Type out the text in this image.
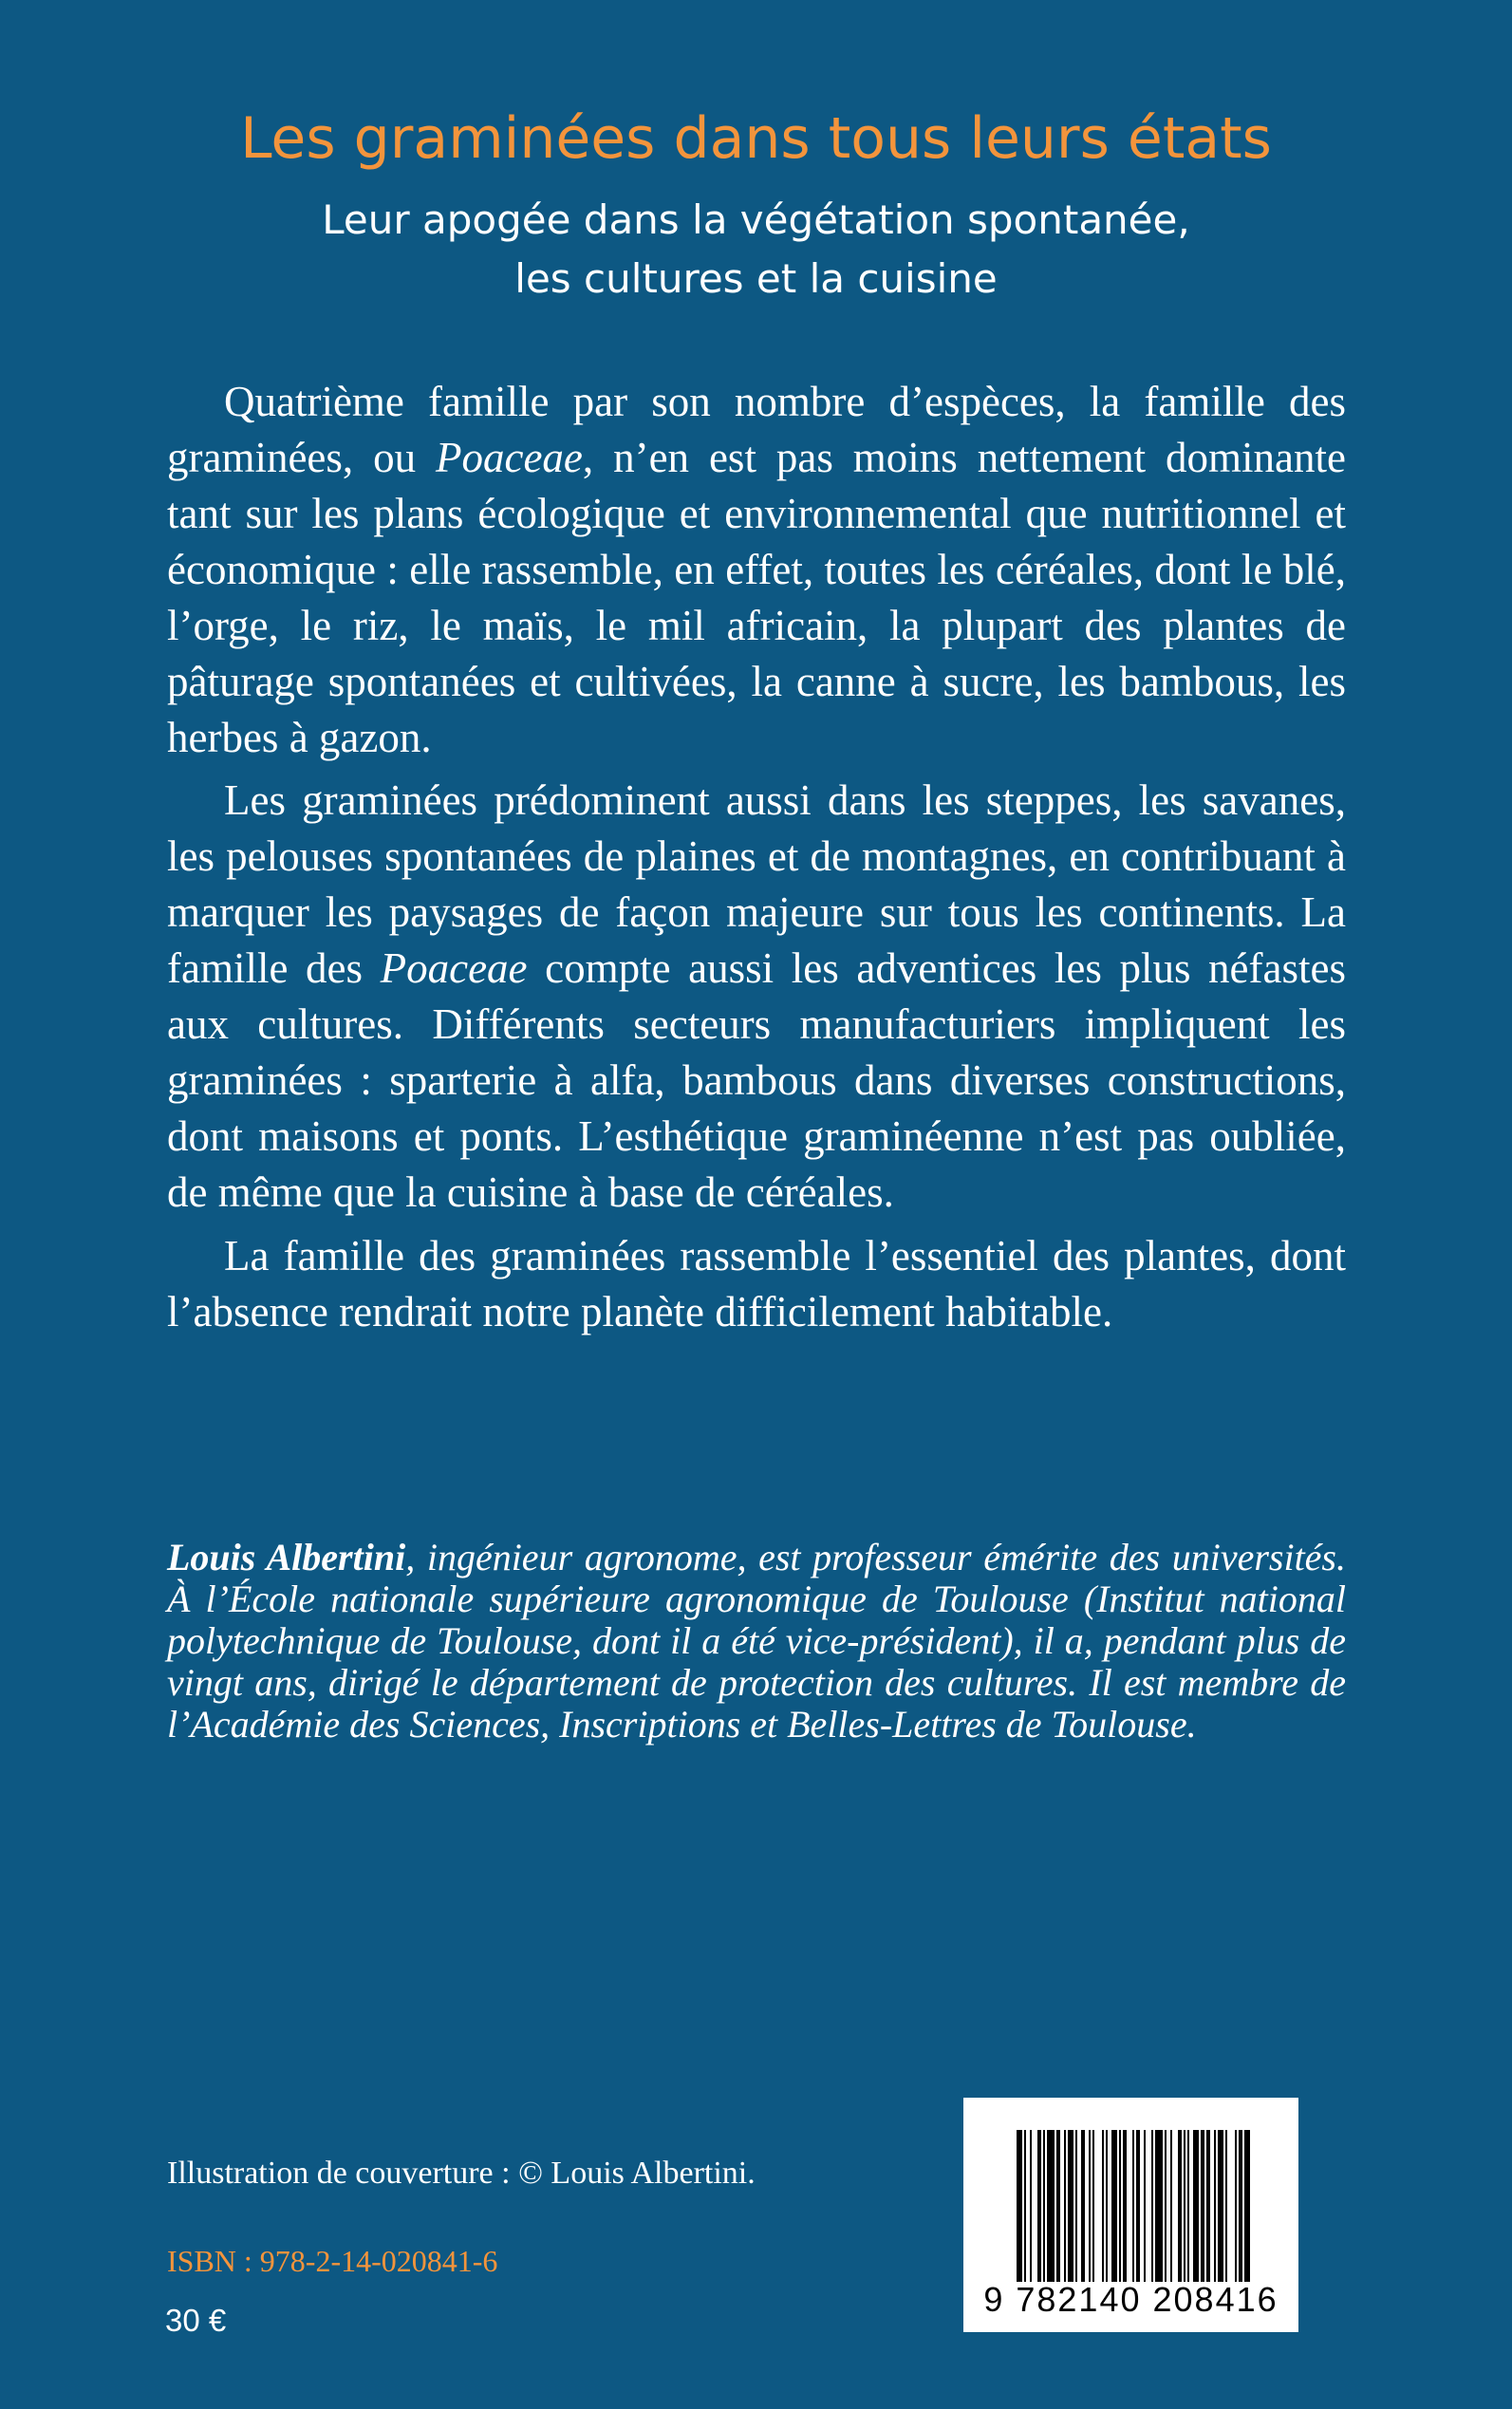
Les graminées dans tous leurs états
Leur apogée dans la végétation spontanée,
les cultures et la cuisine

Quatrième famille par son nombre d’espèces, la famille des graminées, ou Poaceae, n’en est pas moins nettement dominante tant sur les plans écologique et environnemental que nutritionnel et économique : elle rassemble, en effet, toutes les céréales, dont le blé, l’orge, le riz, le maïs, le mil africain, la plupart des plantes de pâturage spontanées et cultivées, la canne à sucre, les bambous, les herbes à gazon.

Les graminées prédominent aussi dans les steppes, les savanes, les pelouses spontanées de plaines et de montagnes, en contribuant à marquer les paysages de façon majeure sur tous les continents. La famille des Poaceae compte aussi les adventices les plus néfastes aux cultures. Différents secteurs manufacturiers impliquent les graminées : sparterie à alfa, bambous dans diverses constructions, dont maisons et ponts. L’esthétique graminéenne n’est pas oubliée, de même que la cuisine à base de céréales.

La famille des graminées rassemble l’essentiel des plantes, dont l’absence rendrait notre planète difficilement habitable.

Louis Albertini, ingénieur agronome, est professeur émérite des universités. À l’École nationale supérieure agronomique de Toulouse (Institut national polytechnique de Toulouse, dont il a été vice-président), il a, pendant plus de vingt ans, dirigé le département de protection des cultures. Il est membre de l’Académie des Sciences, Inscriptions et Belles-Lettres de Toulouse.

Illustration de couverture : © Louis Albertini.
ISBN : 978-2-14-020841-6
30 €
9 782140 208416
